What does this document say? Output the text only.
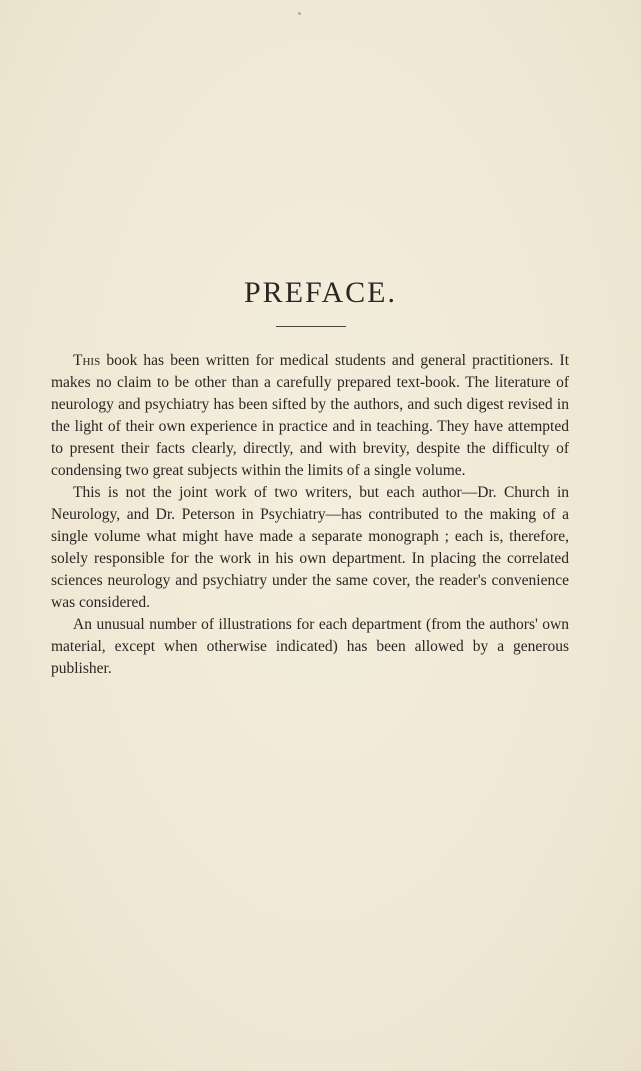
PREFACE.

This book has been written for medical students and general practitioners. It makes no claim to be other than a carefully prepared text-book. The literature of neurology and psychiatry has been sifted by the authors, and such digest revised in the light of their own experience in practice and in teaching. They have attempted to present their facts clearly, directly, and with brevity, despite the difficulty of condensing two great subjects within the limits of a single volume.

This is not the joint work of two writers, but each author—Dr. Church in Neurology, and Dr. Peterson in Psychiatry—has contributed to the making of a single volume what might have made a separate monograph ; each is, therefore, solely responsible for the work in his own department. In placing the correlated sciences neurology and psychiatry under the same cover, the reader's convenience was considered.

An unusual number of illustrations for each department (from the authors' own material, except when otherwise indicated) has been allowed by a generous publisher.
